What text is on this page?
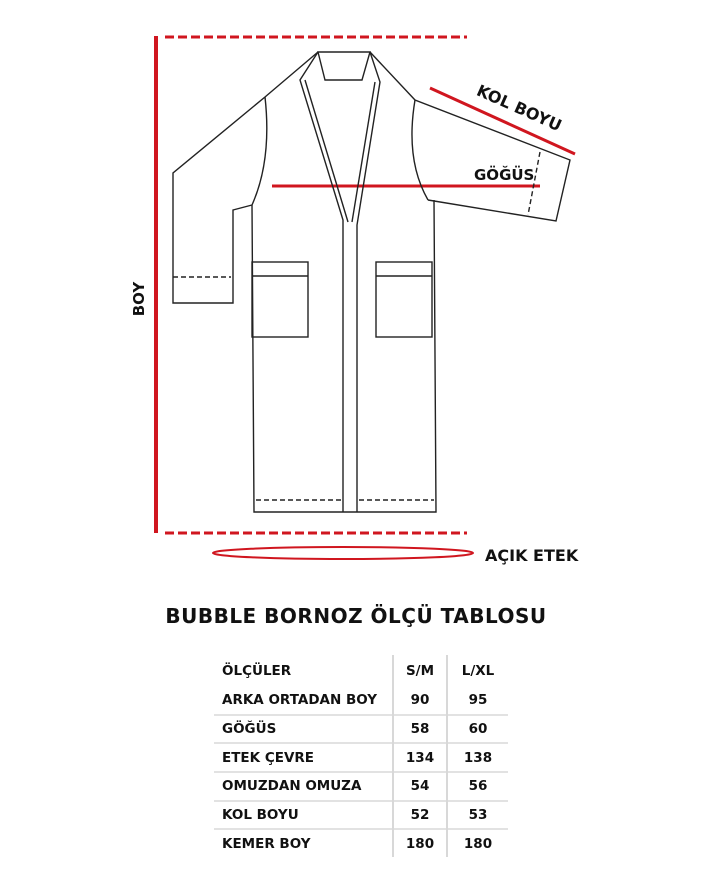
BOY
KOL BOYU
GÖĞÜS
AÇIK ETEK
BUBBLE BORNOZ ÖLÇÜ TABLOSU
ÖLÇÜLER	S/M	L/XL
ARKA ORTADAN BOY	90	95
GÖĞÜS	58	60
ETEK ÇEVRE	134	138
OMUZDAN OMUZA	54	56
KOL BOYU	52	53
KEMER BOY	180	180
